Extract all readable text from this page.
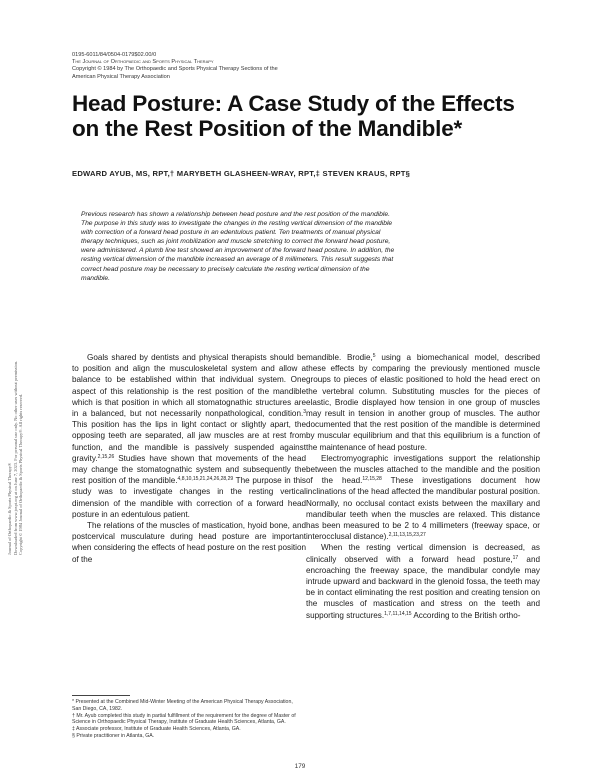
0195-6011/84/0504-0179$02.00/0
The Journal of Orthopaedic and Sports Physical Therapy
Copyright © 1984 by The Orthopaedic and Sports Physical Therapy Sections of the
American Physical Therapy Association
Head Posture: A Case Study of the Effects on the Rest Position of the Mandible*
EDWARD AYUB, MS, RPT,† MARYBETH GLASHEEN-WRAY, RPT,‡ STEVEN KRAUS, RPT§
Previous research has shown a relationship between head posture and the rest position of the mandible. The purpose in this study was to investigate the changes in the resting vertical dimension of the mandible with correction of a forward head posture in an edentulous patient. Ten treatments of manual physical therapy techniques, such as joint mobilization and muscle stretching to correct the forward head posture, were administered. A plumb line test showed an improvement of the forward head posture. In addition, the resting vertical dimension of the mandible increased an average of 8 millimeters. This result suggests that correct head posture may be necessary to precisely calculate the resting vertical dimension of the mandible.
Journal of Orthopaedic & Sports Physical Therapy® Downloaded from www.jospt.org at on June 7, 2023. For personal use only. No other uses without permission. Copyright © 1984 Journal of Orthopaedic & Sports Physical Therapy®. All rights reserved.

Goals shared by dentists and physical therapists should be to position and align the musculoskeletal system and allow a balance to be established within that individual system. One aspect of this relationship is the rest position of the mandible which is that position in which all stomatognathic structures are in a balanced, but not necessarily nonpathological, condition.$^3$ This position has the lips in light contact or slightly apart, the opposing teeth are separated, all jaw muscles are at rest from function, and the mandible is passively suspended against gravity.$^{2,15,26}$ Studies have shown that movements of the head may change the stomatognathic system and subsequently the rest position of the mandible.$^{4,8,10,15,21,24,26,28,29}$ The purpose in this study was to investigate changes in the resting vertical dimension of the mandible with correction of a forward head posture in an edentulous patient.

The relations of the muscles of mastication, hyoid bone, and postcervical musculature during head posture are important when considering the effects of head posture on the rest position of the

mandible. Brodie,$^5$ using a biomechanical model, described these effects by comparing the previously mentioned muscle groups to pieces of elastic positioned to hold the head erect on the vertebral column. Substituting muscles for the pieces of elastic, Brodie displayed how tension in one group of muscles may result in tension in another group of muscles. The author documented that the rest position of the mandible is determined by muscular equilibrium and that this equilibrium is a function of the maintenance of head posture.

Electromyographic investigations support the relationship between the muscles attached to the mandible and the position of the head.$^{12,15,28}$ These investigations document how inclinations of the head affected the mandibular postural position. Normally, no occlusal contact exists between the maxillary and mandibular teeth when the muscles are relaxed. This distance has been measured to be 2 to 4 millimeters (freeway space, or interocclusal distance).$^{2,11,13,15,23,27}$

When the resting vertical dimension is decreased, as clinically observed with a forward head posture,$^{17}$ and encroaching the freeway space, the mandibular condyle may intrude upward and backward in the glenoid fossa, the teeth may be in contact eliminating the rest position and creating tension on the muscles of mastication and stress on the teeth and supporting structures.$^{1,7,11,14,15}$ According to the British ortho-

* Presented at the Combined Mid-Winter Meeting of the American Physical Therapy Association, San Diego, CA, 1982.

† Mr. Ayub completed this study in partial fulfillment of the requirement for the degree of Master of Science in Orthopaedic Physical Therapy, Institute of Graduate Health Sciences, Atlanta, GA.

‡ Associate professor, Institute of Graduate Health Sciences, Atlanta, GA.

§ Private practitioner in Atlanta, GA.

179
